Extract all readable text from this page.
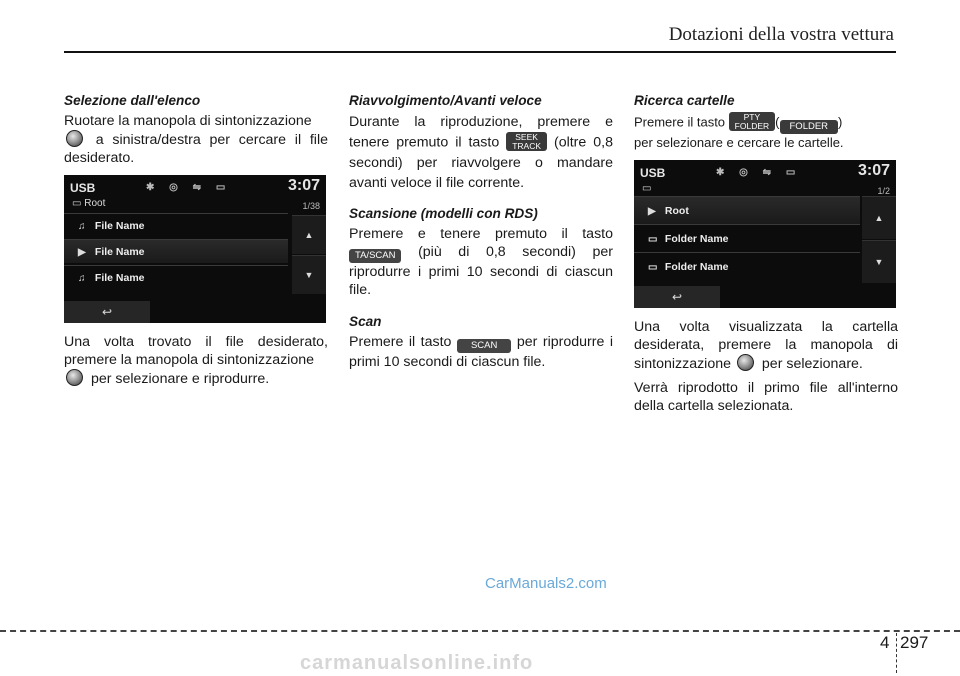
Dotazioni della vostra vettura
Selezione dall'elenco

Ruotare la manopola di sintonizzazione
a sinistra/destra per cercare il file desiderato.

USB	✱ ◎ ⇋ ▭	3:07
▭ Root	1/38
♫ File Name
▶ File Name
♫ File Name
▲
▼
↩

Una volta trovato il file desiderato, premere la manopola di sintonizzazione
per selezionare e riprodurre.

Riavvolgimento/Avanti veloce

Durante la riproduzione, premere e tenere premuto il tasto SEEK
TRACK (oltre 0,8 secondi) per riavvolgere o mandare avanti veloce il file corrente.

Scansione (modelli con RDS)

Premere e tenere premuto il tasto TA/SCAN (più di 0,8 secondi) per riprodurre i primi 10 secondi di ciascun file.

Scan

Premere il tasto SCAN per riprodurre i primi 10 secondi di ciascun file.

Ricerca cartelle

Premere il tasto PTY
FOLDER ( FOLDER )
per selezionare e cercare le cartelle.

USB	✱ ◎ ⇋ ▭	3:07
▭	1/2
▶ Root
▭ Folder Name
▭ Folder Name
▲
▼
↩

Una volta visualizzata la cartella desiderata, premere la manopola di sintonizzazione per selezionare.

Verrà riprodotto il primo file all'interno della cartella selezionata.

CarManuals2.com
4 297
carmanualsonline.info
